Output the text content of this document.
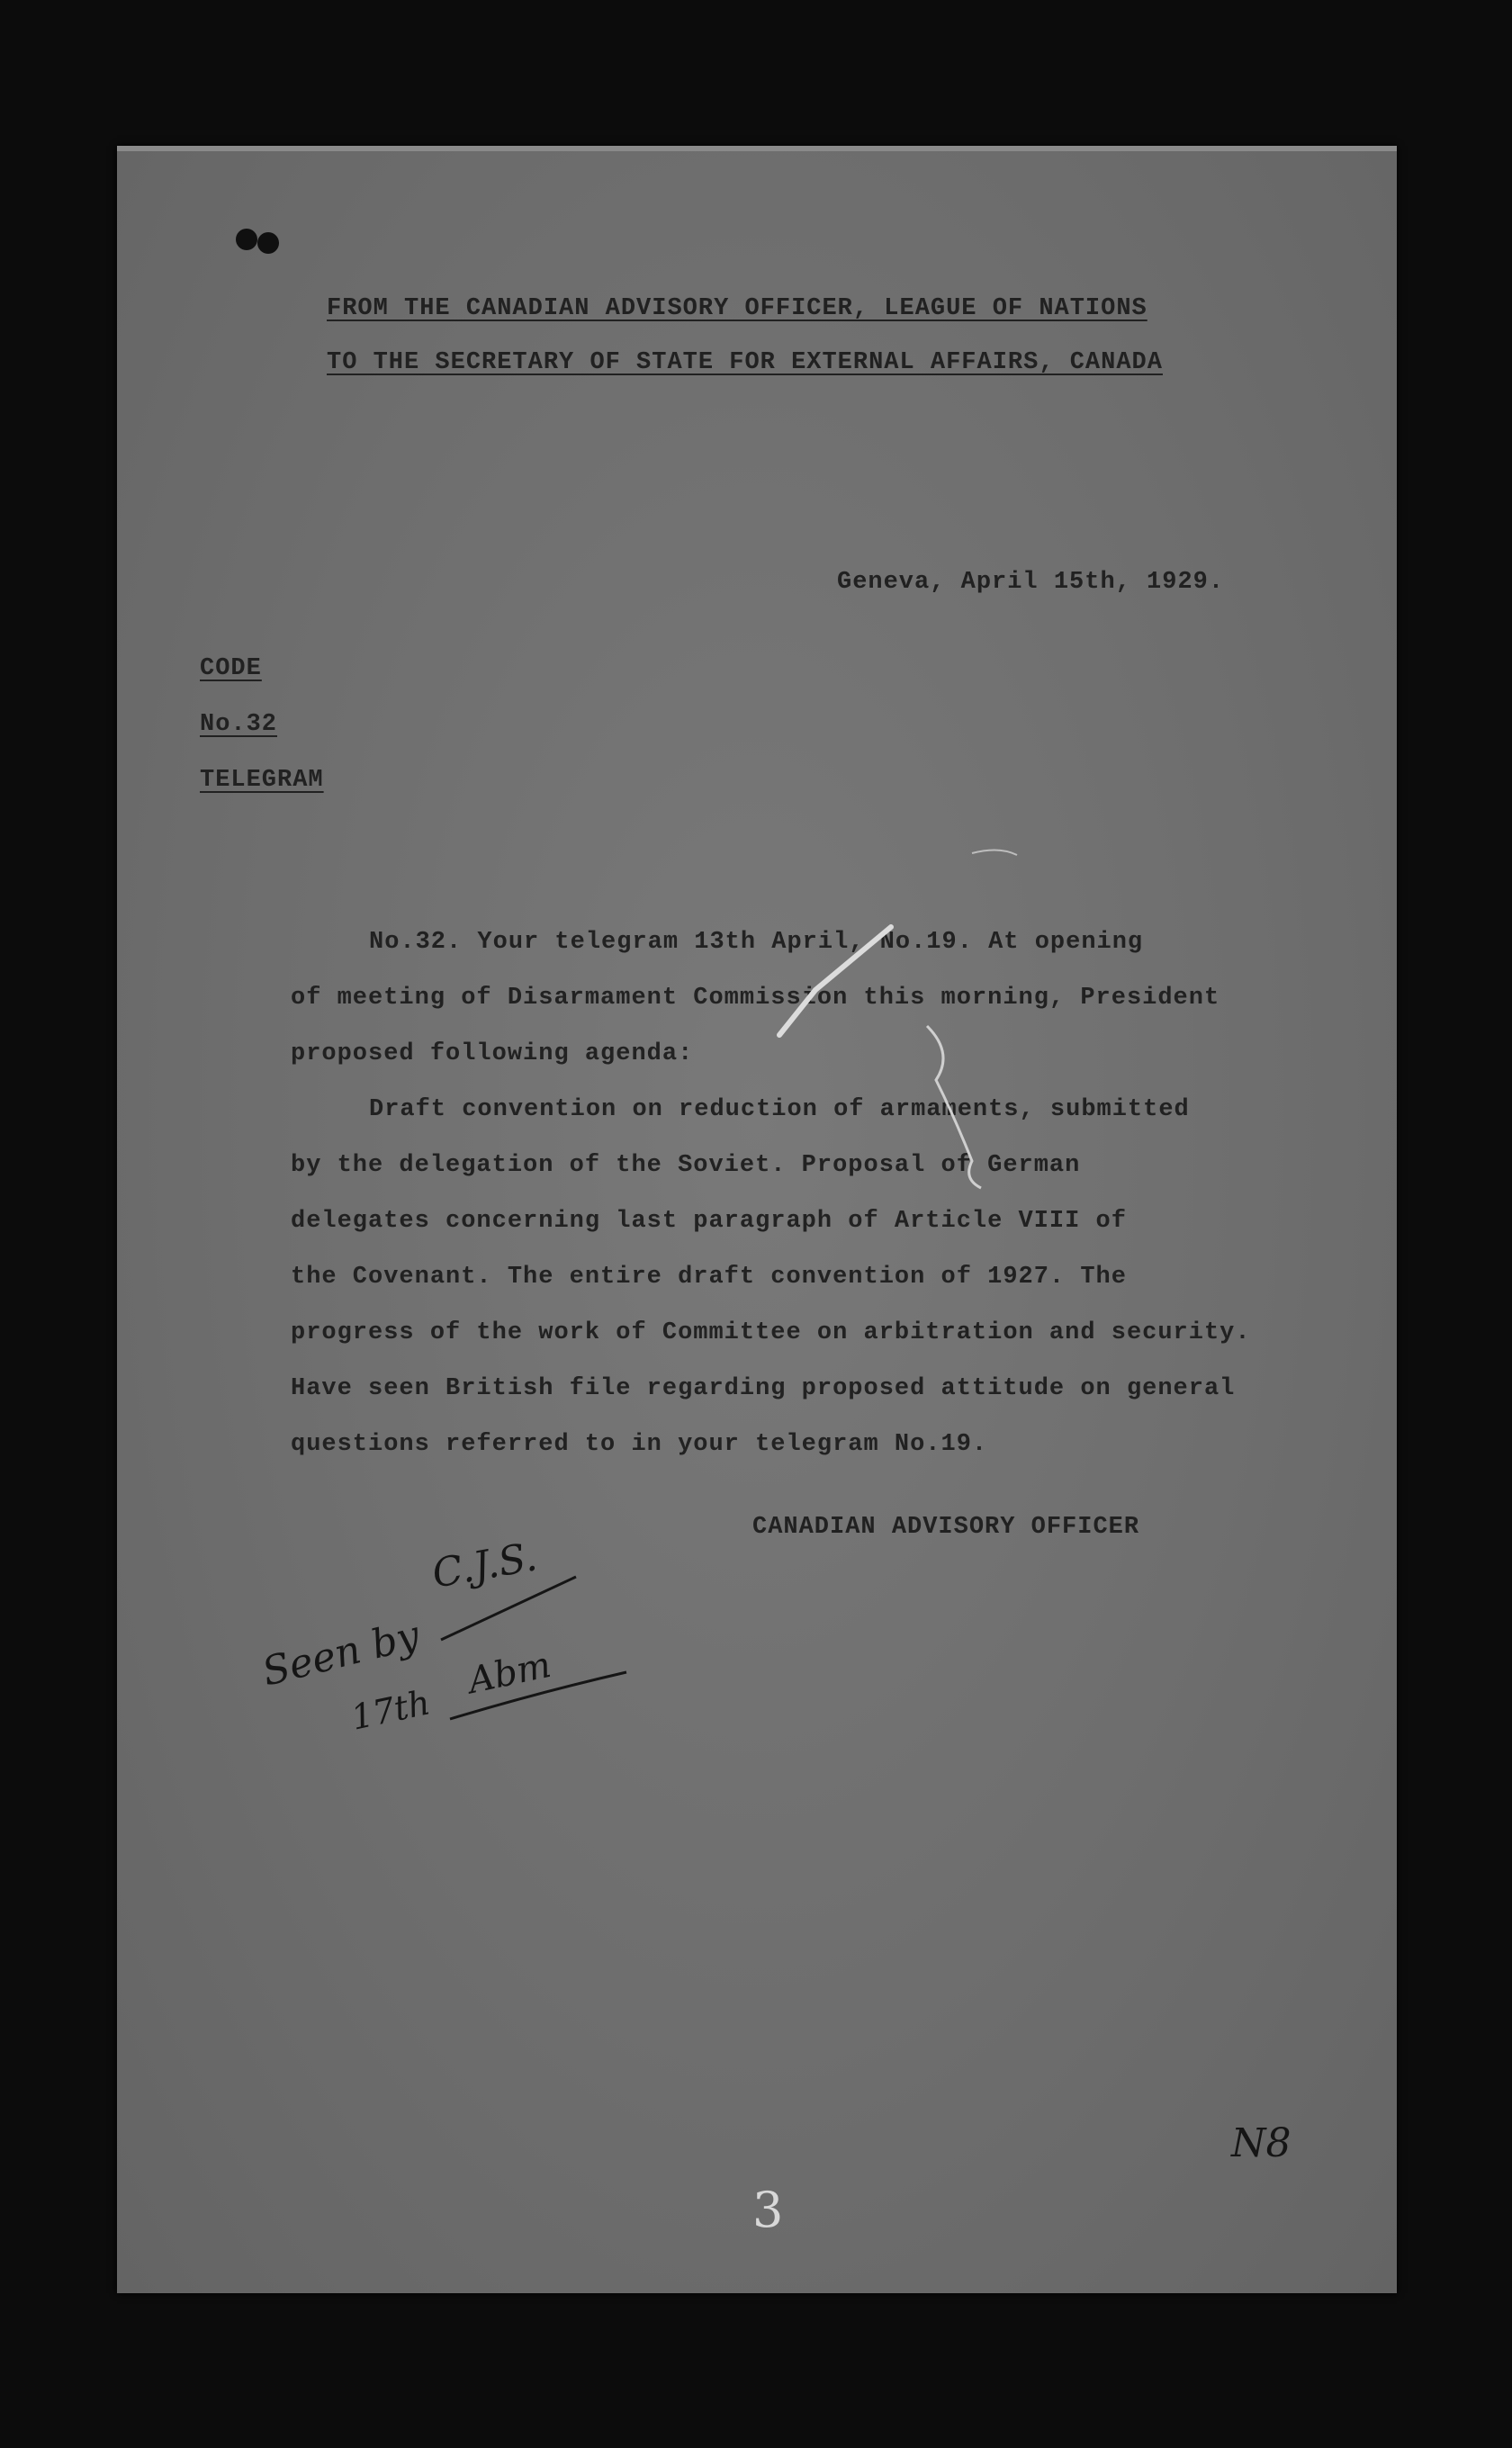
FROM THE CANADIAN ADVISORY OFFICER, LEAGUE OF NATIONS

TO THE SECRETARY OF STATE FOR EXTERNAL AFFAIRS, CANADA

Geneva, April 15th, 1929.

CODE

No.32

TELEGRAM

No.32. Your telegram 13th April, No.19. At opening

of meeting of Disarmament Commission this morning, President

proposed following agenda:

Draft convention on reduction of armaments, submitted

by the delegation of the Soviet. Proposal of German

delegates concerning last paragraph of Article VIII of

the Covenant. The entire draft convention of 1927. The

progress of the work of Committee on arbitration and security.

Have seen British file regarding proposed attitude on general

questions referred to in your telegram No.19.

CANADIAN ADVISORY OFFICER

Seen by
C.J.S.
17th
Abm
N8
3
